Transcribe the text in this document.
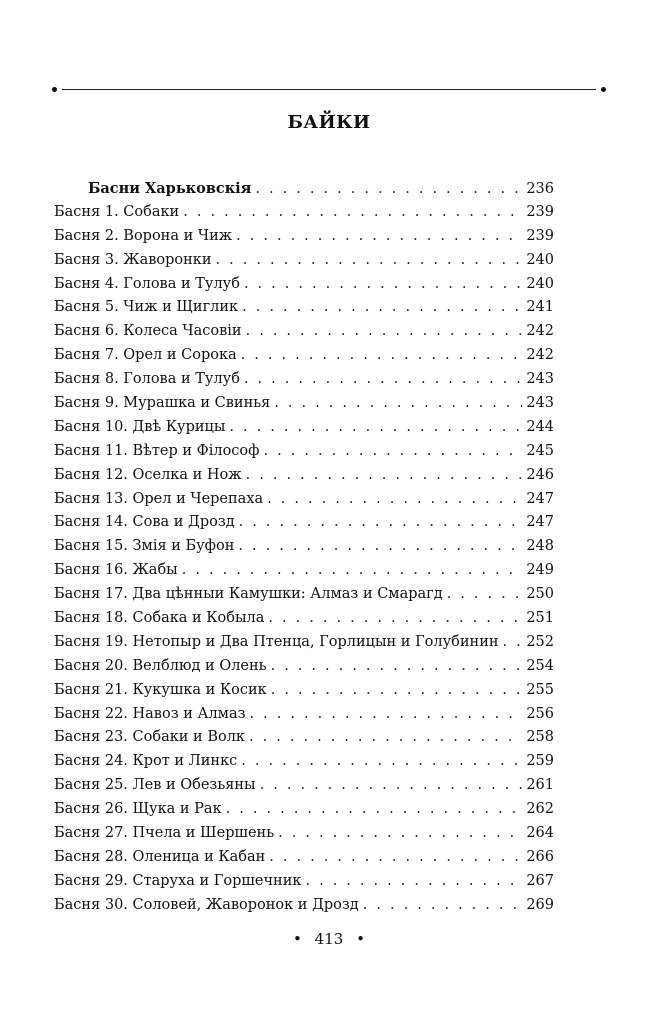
БАЙКИ
Басни Харьковскія . . .	236
Басня 1. Собаки . . .	239
Басня 2. Ворона и Чиж . . .	239
Басня 3. Жаворонки . . .	240
Басня 4. Голова и Тулуб . . .	240
Басня 5. Чиж и Щиглик . . .	241
Басня 6. Колеса Часовіи . . .	242
Басня 7. Орел и Сорока . . .	242
Басня 8. Голова и Тулуб . . .	243
Басня 9. Мурашка и Свинья . . .	243
Басня 10. Двѣ Курицы . . .	244
Басня 11. Вѣтер и Філософ . . .	245
Басня 12. Оселка и Нож . . .	246
Басня 13. Орел и Черепаха . . .	247
Басня 14. Сова и Дрозд . . .	247
Басня 15. Змія и Буфон . . .	248
Басня 16. Жабы . . .	249
Басня 17. Два цѣнныи Камушки: Алмаз и Смарагд . . .	250
Басня 18. Собака и Кобыла . . .	251
Басня 19. Нетопыр и Два Птенца, Горлицын и Голубинин . . . 252
Басня 20. Велблюд и Олень . . .	254
Басня 21. Кукушка и Косик . . .	255
Басня 22. Навоз и Алмаз . . .	256
Басня 23. Собаки и Волк . . .	258
Басня 24. Крот и Линкс . . .	259
Басня 25. Лев и Обезьяны . . .	261
Басня 26. Щука и Рак . . .	262
Басня 27. Пчела и Шершень . . .	264
Басня 28. Оленица и Кабан . . .	266
Басня 29. Старуха и Горшечник . . .	267
Басня 30. Соловей, Жаворонок и Дрозд . . .	269
• 413 •
